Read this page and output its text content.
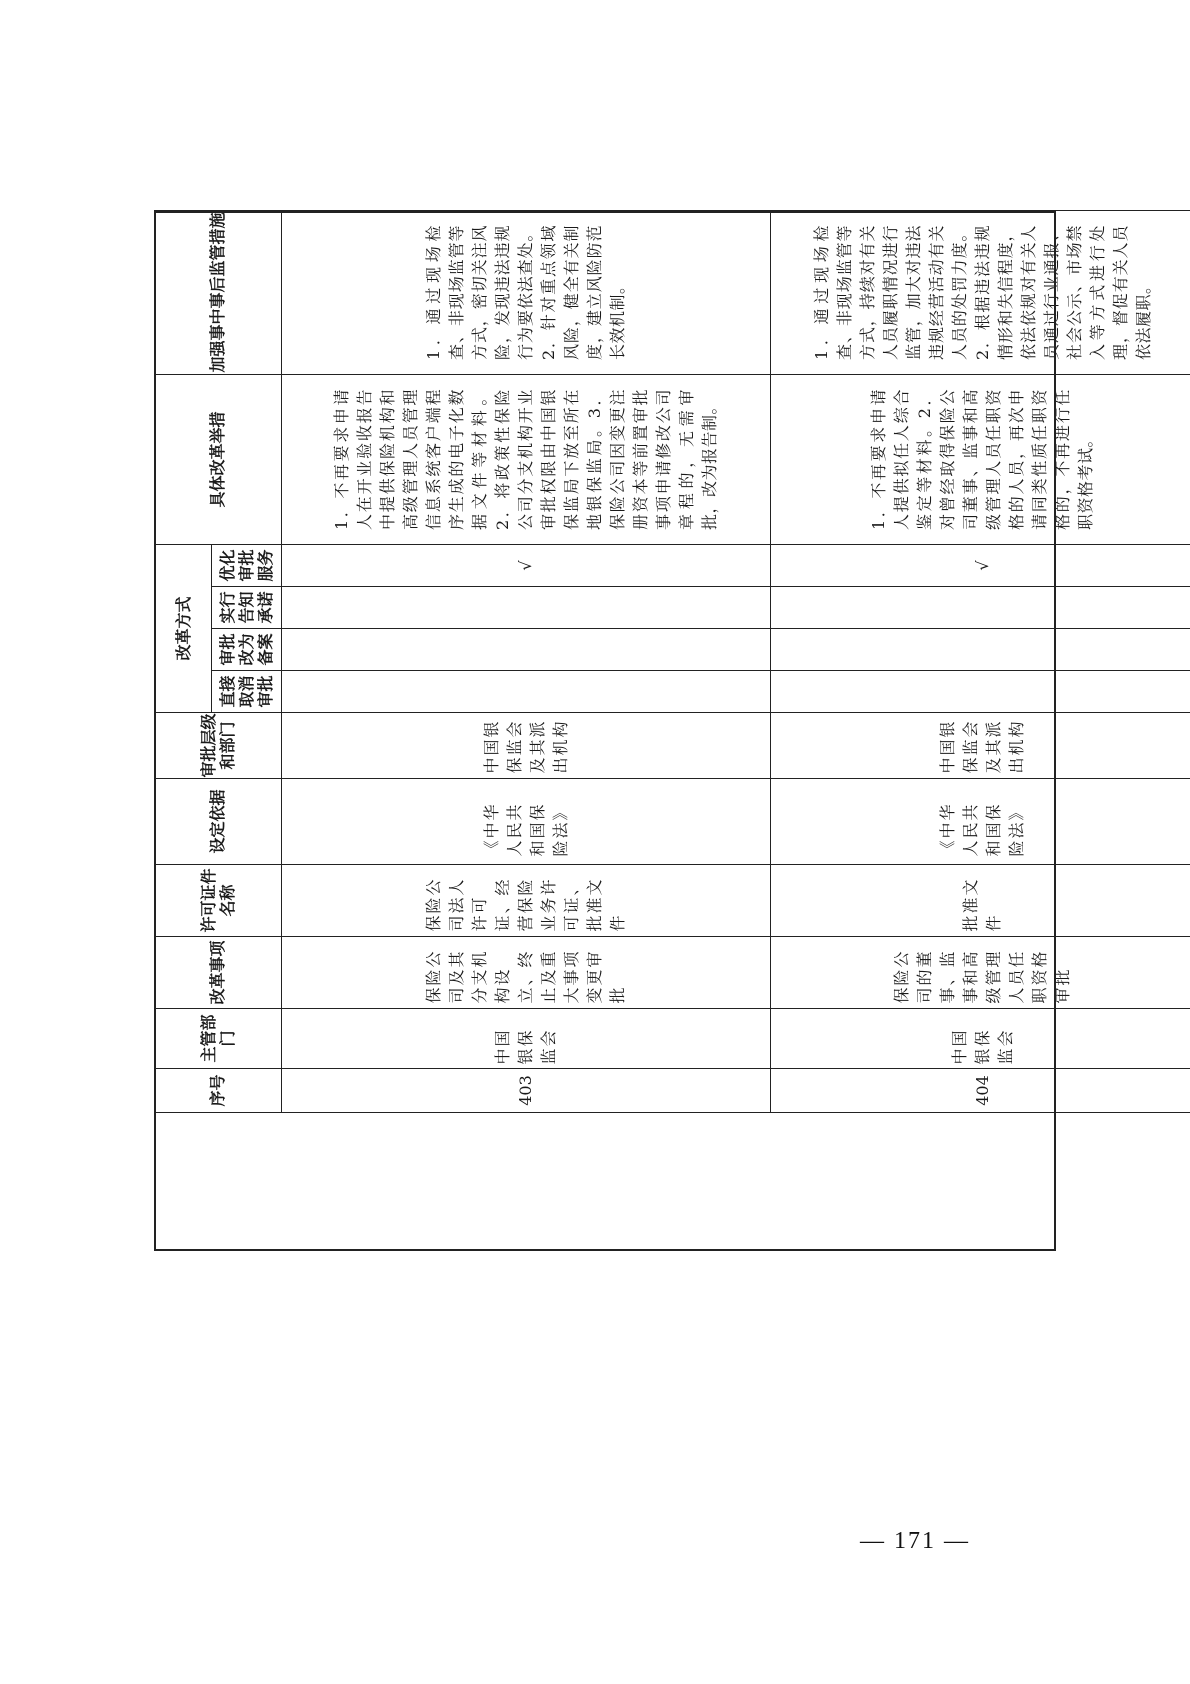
序号	主管部门	改革事项	许可证件名称	设定依据	审批层级和部门	改革方式				具体改革举措	加强事中事后监管措施
						直接取消审批	审批改为备案	实行告知承诺	优化审批服务		
403	中国银保监会	保险公司及其分支机构设立、终止及重大事项变更审批	保险公司法人许可证、经营保险业务许可证、批准文件	《中华人民共和国保险法》	中国银保监会及其派出机构				√	1．不再要求申请人在开业验收报告中提供保险机构和高级管理人员管理信息系统客户端程序生成的电子化数据文件等材料。2．将政策性保险公司分支机构开业审批权限由中国银保监局下放至所在地银保监局。3．保险公司因变更注册资本等前置审批事项申请修改公司章程的，无需审批，改为报告制。	1．通过现场检查、非现场监管等方式，密切关注风险，发现违法违规行为要依法查处。2．针对重点领域风险，健全有关制度，建立风险防范长效机制。

404	中国银保监会	保险公司的董事、监事和高级管理人员任职资格审批	批准文件	《中华人民共和国保险法》	中国银保监会及其派出机构				√	1．不再要求申请人提供拟任人综合鉴定等材料。2．对曾经取得保险公司董事、监事和高级管理人员任职资格的人员，再次申请同类性质任职资格的，不再进行任职资格考试。	1．通过现场检查、非现场监管等方式，持续对有关人员履职情况进行监管，加大对违法违规经营活动有关人员的处罚力度。2．根据违法违规情形和失信程度，依法依规对有关人员通过行业通报、社会公示、市场禁入等方式进行处理，督促有关人员依法履职。
— 171 —
